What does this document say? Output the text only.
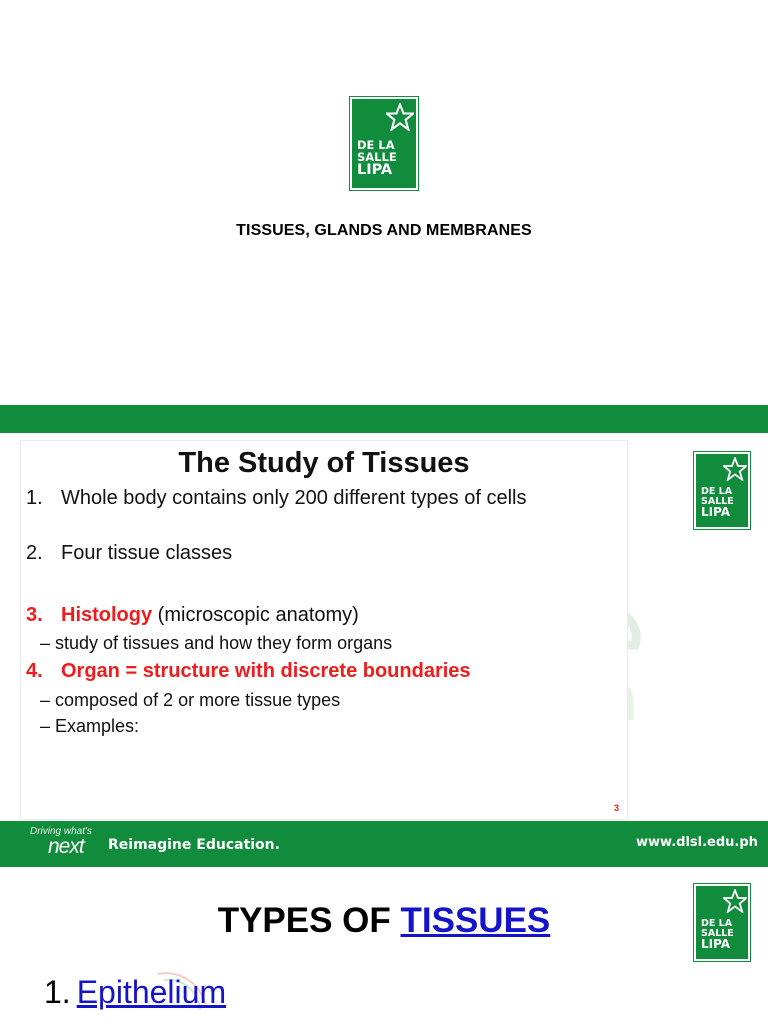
DE LA
SALLE
LIPA
TISSUES, GLANDS AND MEMBRANES
DE LA
SALLE
LIPA
The Study of Tissues
1. Whole body contains only 200 different types of cells
2. Four tissue classes
3. Histology (microscopic anatomy)
– study of tissues and how they form organs
4. Organ = structure with discrete boundaries
– composed of 2 or more tissue types
– Examples:
3
Driving what's
next Reimagine Education.	www.dlsl.edu.ph
DE LA
SALLE
LIPA
TYPES OF TISSUES
1. Epithelium
